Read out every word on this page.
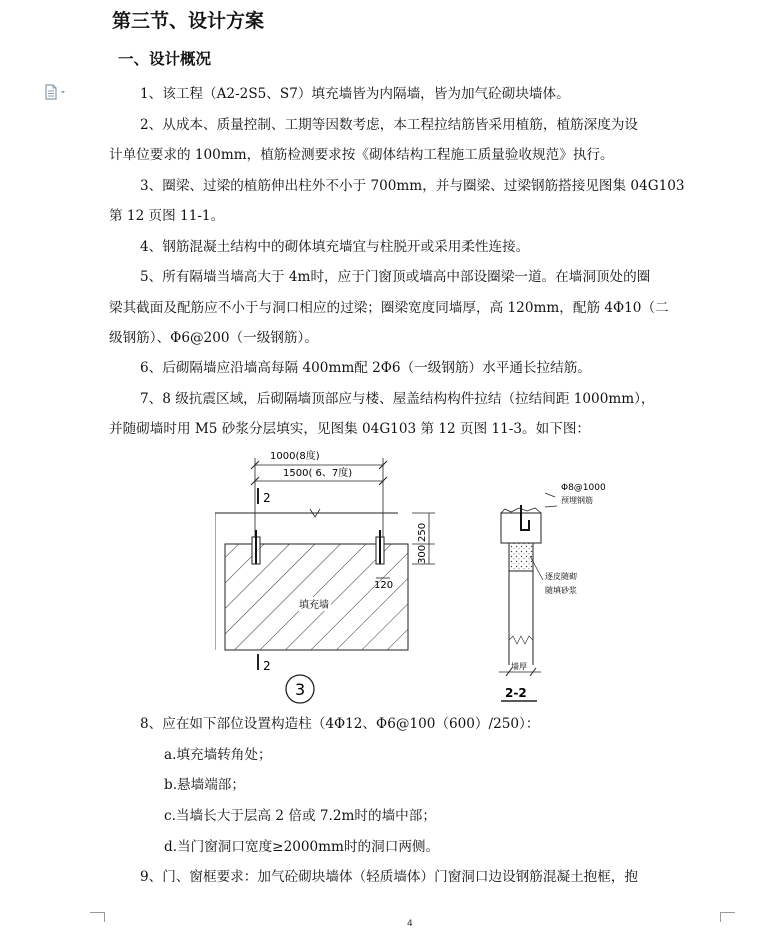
第三节、设计方案
一、设计概况
1、该工程（A2-2S5、S7）填充墙皆为内隔墙，皆为加气砼砌块墙体。
2、从成本、质量控制、工期等因数考虑，本工程拉结筋皆采用植筋，植筋深度为设
计单位要求的 100mm，植筋检测要求按《砌体结构工程施工质量验收规范》执行。
3、圈梁、过梁的植筋伸出柱外不小于 700mm，并与圈梁、过梁钢筋搭接见图集 04G103
第 12 页图 11-1。
4、钢筋混凝土结构中的砌体填充墙宜与柱脱开或采用柔性连接。
5、所有隔墙当墙高大于 4m时，应于门窗顶或墙高中部设圈梁一道。在墙洞顶处的圈
梁其截面及配筋应不小于与洞口相应的过梁；圈梁宽度同墙厚，高 120mm，配筋 4Φ10（二
级钢筋）、Φ6@200（一级钢筋）。
6、后砌隔墙应沿墙高每隔 400mm配 2Φ6（一级钢筋）水平通长拉结筋。
7、8 级抗震区域，后砌隔墙顶部应与楼、屋盖结构构件拉结（拉结间距 1000mm），
并随砌墙时用 M5 砂浆分层填实，见图集 04G103 第 12 页图 11-3。如下图：
1000(8度)
1500( 6、7度)
2
填充墙
250
300
120
2
3
Φ8@1000
预埋钢筋
逐皮随砌
随填砂浆
墙厚
2-2
8、应在如下部位设置构造柱（4Φ12、Φ6@100（600）/250）：
a.填充墙转角处；
b.悬墙端部；
c.当墙长大于层高 2 倍或 7.2m时的墙中部；
d.当门窗洞口宽度≥2000mm时的洞口两侧。
9、门、窗框要求：加气砼砌块墙体（轻质墙体）门窗洞口边设钢筋混凝土抱框，抱
4
